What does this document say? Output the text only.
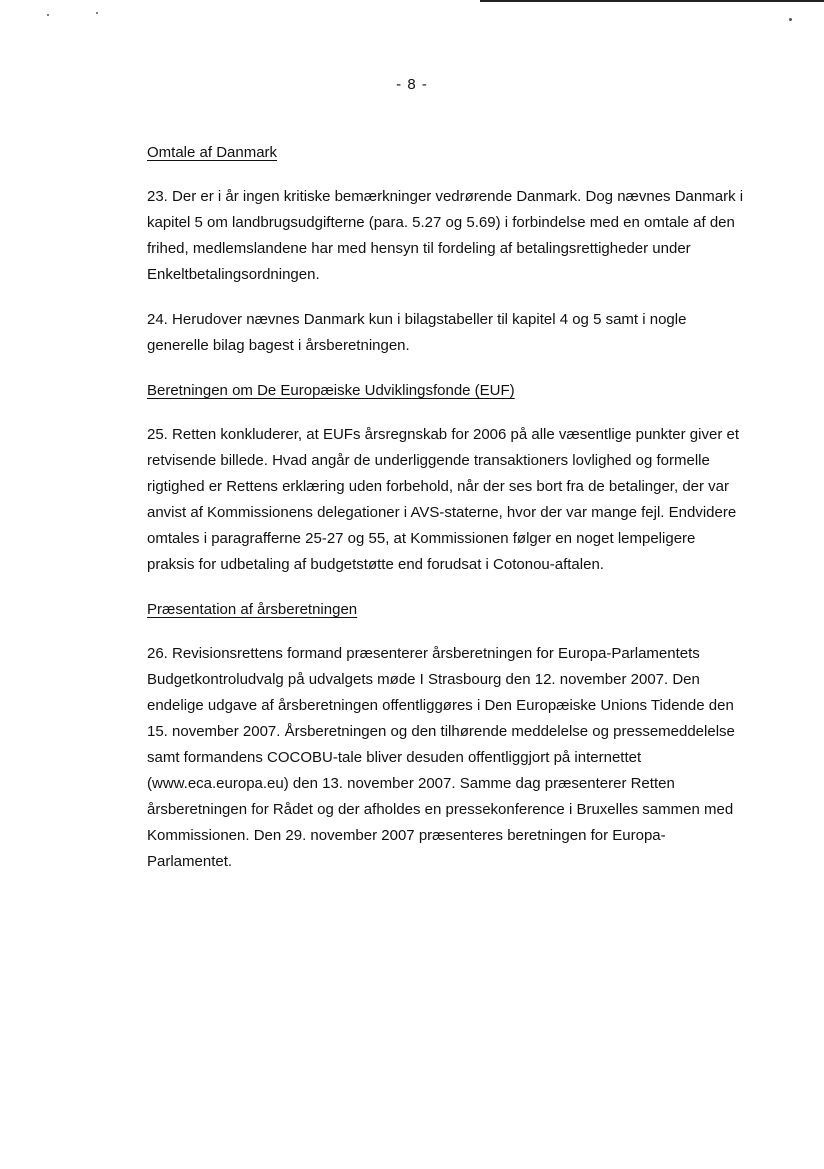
- 8 -

Omtale af Danmark

23. Der er i år ingen kritiske bemærkninger vedrørende Danmark. Dog nævnes Danmark i kapitel 5 om landbrugsudgifterne (para. 5.27 og 5.69) i forbindelse med en omtale af den frihed, medlemslandene har med hensyn til fordeling af betalingsrettigheder under Enkeltbetalingsordningen.

24. Herudover nævnes Danmark kun i bilagstabeller til kapitel 4 og 5 samt i nogle generelle bilag bagest i årsberetningen.

Beretningen om De Europæiske Udviklingsfonde (EUF)

25. Retten konkluderer, at EUFs årsregnskab for 2006 på alle væsentlige punkter giver et retvisende billede. Hvad angår de underliggende transaktioners lovlighed og formelle rigtighed er Rettens erklæring uden forbehold, når der ses bort fra de betalinger, der var anvist af Kommissionens delegationer i AVS-staterne, hvor der var mange fejl. Endvidere omtales i paragrafferne 25-27 og 55, at Kommissionen følger en noget lempeligere praksis for udbetaling af budgetstøtte end forudsat i Cotonou-aftalen.

Præsentation af årsberetningen

26. Revisionsrettens formand præsenterer årsberetningen for Europa-Parlamentets Budgetkontroludvalg på udvalgets møde I Strasbourg den 12. november 2007. Den endelige udgave af årsberetningen offentliggøres i Den Europæiske Unions Tidende den 15. november 2007. Årsberetningen og den tilhørende meddelelse og pressemeddelelse samt formandens COCOBU-tale bliver desuden offentliggjort på internettet (www.eca.europa.eu) den 13. november 2007. Samme dag præsenterer Retten årsberetningen for Rådet og der afholdes en pressekonference i Bruxelles sammen med Kommissionen. Den 29. november 2007 præsenteres beretningen for Europa-Parlamentet.
